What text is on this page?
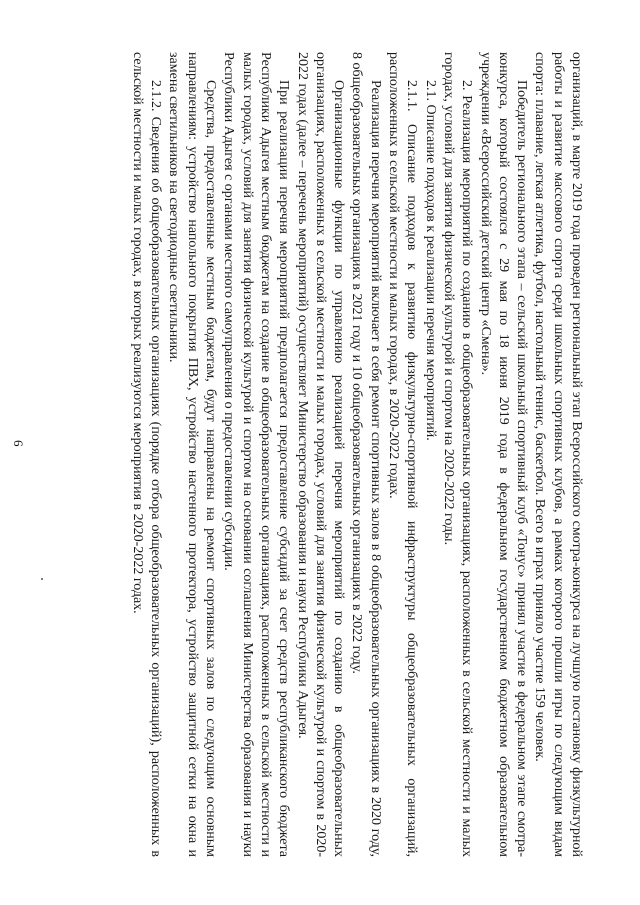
6	организаций, в марте 2019 года проведен региональный этап Всероссийского смотра-конкурса на лучшую постановку физкультурной работы и развитие массового спорта среди школьных спортивных клубов, а рамках которого прошли игры по следующим видам спорта: плавание, легкая атлетика, футбол, настольный теннис, баскетбол. Всего в играх приняло участие 159 человек.

Победитель регионального этапа – сельский школьный спортивный клуб «Тонус» принял участие в федеральном этапе смотра-конкурса, который состоялся с 29 мая по 18 июня 2019 года в федеральном государственном бюджетном образовательном учреждении «Всероссийский детский центр «Смена».

2. Реализация мероприятий по созданию в общеобразовательных организациях, расположенных в сельской местности и малых городах, условий для занятия физической культурой и спортом на 2020-2022 годы.

2.1. Описание подходов к реализации перечня мероприятий.

2.1.1. Описание подходов к развитию физкультурно-спортивной инфраструктуры общеобразовательных организаций, расположенных в сельской местности и малых городах, в 2020-2022 годах.

Реализация перечня мероприятий включает в себя ремонт спортивных залов в 8 общеобразовательных организациях в 2020 году, 8 общеобразовательных организациях в 2021 году и 10 общеобразовательных организациях в 2022 году.

Организационные функции по управлению реализацией перечня мероприятий по созданию в общеобразовательных организациях, расположенных в сельской местности и малых городах, условий для занятия физической культурой и спортом в 2020-2022 годах (далее – перечень мероприятий) осуществляет Министерство образования и науки Республики Адыгея.

При реализации перечня мероприятий предполагается предоставление субсидий за счет средств республиканского бюджета Республики Адыгея местным бюджетам на создание в общеобразовательных организациях, расположенных в сельской местности и малых городах, условий для занятия физической культурой и спортом на основании соглашения Министерства образования и науки Республики Адыгея с органами местного самоуправления о предоставлении субсидии.

Средства, предоставленные местным бюджетам, будут направлены на ремонт спортивных залов по следующим основным направлениям: устройство напольного покрытия ПВХ, устройство настенного протектора, устройство защитной сетки на окна и замена светильников на светодиодные светильники.

2.1.2. Сведения об общеобразовательных организациях (порядке отбора общеобразовательных организаций), расположенных в сельской местности и малых городах, в которых реализуются мероприятия в 2020-2022 годах.
